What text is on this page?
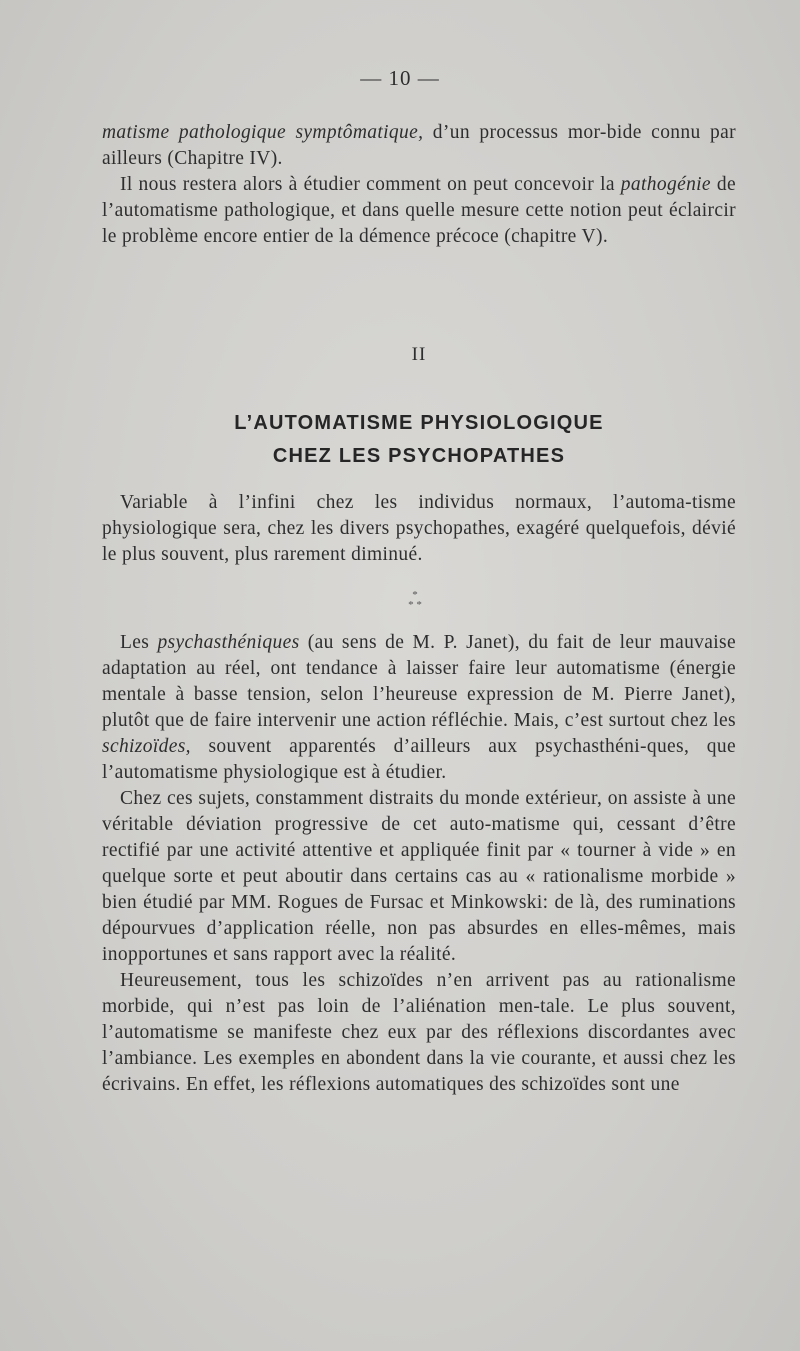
— 10 —

matisme pathologique symptômatique, d’un processus mor-bide connu par ailleurs (Chapitre IV).

Il nous restera alors à étudier comment on peut concevoir la pathogénie de l’automatisme pathologique, et dans quelle mesure cette notion peut éclaircir le problème encore entier de la démence précoce (chapitre V).

II
L’AUTOMATISME PHYSIOLOGIQUE
CHEZ LES PSYCHOPATHES

Variable à l’infini chez les individus normaux, l’automa-tisme physiologique sera, chez les divers psychopathes, exagéré quelquefois, dévié le plus souvent, plus rarement diminué.

*
* *

Les psychasthéniques (au sens de M. P. Janet), du fait de leur mauvaise adaptation au réel, ont tendance à laisser faire leur automatisme (énergie mentale à basse tension, selon l’heureuse expression de M. Pierre Janet), plutôt que de faire intervenir une action réfléchie. Mais, c’est surtout chez les schizoïdes, souvent apparentés d’ailleurs aux psychasthéni-ques, que l’automatisme physiologique est à étudier.

Chez ces sujets, constamment distraits du monde extérieur, on assiste à une véritable déviation progressive de cet auto-matisme qui, cessant d’être rectifié par une activité attentive et appliquée finit par « tourner à vide » en quelque sorte et peut aboutir dans certains cas au « rationalisme morbide » bien étudié par MM. Rogues de Fursac et Minkowski: de là, des ruminations dépourvues d’application réelle, non pas absurdes en elles-mêmes, mais inopportunes et sans rapport avec la réalité.

Heureusement, tous les schizoïdes n’en arrivent pas au rationalisme morbide, qui n’est pas loin de l’aliénation men-tale. Le plus souvent, l’automatisme se manifeste chez eux par des réflexions discordantes avec l’ambiance. Les exemples en abondent dans la vie courante, et aussi chez les écrivains. En effet, les réflexions automatiques des schizoïdes sont une
